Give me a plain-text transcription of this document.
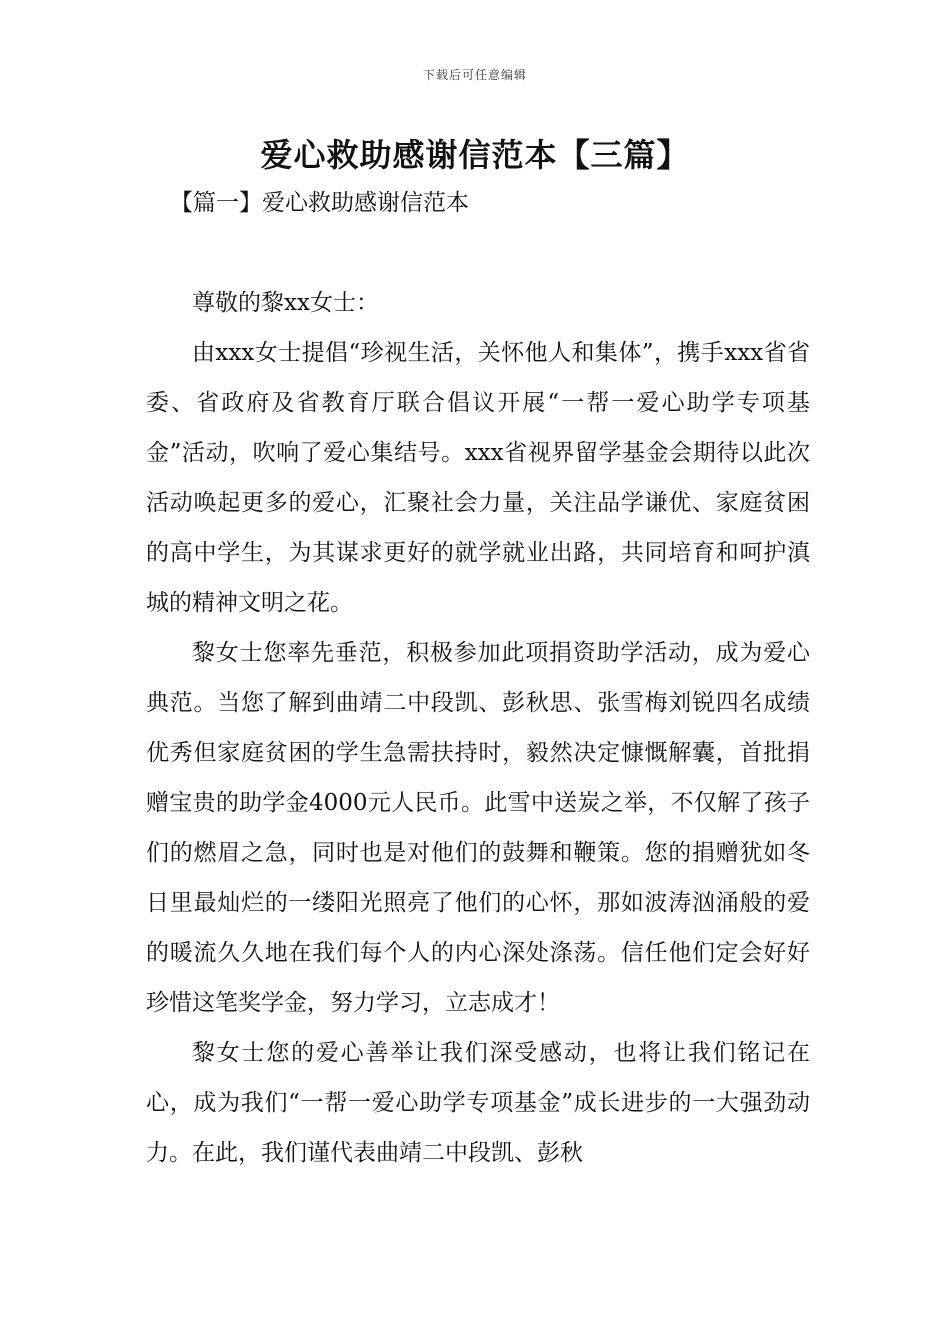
下载后可任意编辑
爱心救助感谢信范本【三篇】
【篇一】爱心救助感谢信范本

尊敬的黎xx女士：

由xxx女士提倡“珍视生活，关怀他人和集体”，携手xxx省省委、省政府及省教育厅联合倡议开展“一帮一爱心助学专项基金”活动，吹响了爱心集结号。xxx省视界留学基金会期待以此次活动唤起更多的爱心，汇聚社会力量，关注品学谦优、家庭贫困的高中学生，为其谋求更好的就学就业出路，共同培育和呵护滇城的精神文明之花。

黎女士您率先垂范，积极参加此项捐资助学活动，成为爱心典范。当您了解到曲靖二中段凯、彭秋思、张雪梅刘锐四名成绩优秀但家庭贫困的学生急需扶持时，毅然决定慷慨解囊，首批捐赠宝贵的助学金4000元人民币。此雪中送炭之举，不仅解了孩子们的燃眉之急，同时也是对他们的鼓舞和鞭策。您的捐赠犹如冬日里最灿烂的一缕阳光照亮了他们的心怀，那如波涛汹涌般的爱的暖流久久地在我们每个人的内心深处涤荡。信任他们定会好好珍惜这笔奖学金，努力学习，立志成才！

黎女士您的爱心善举让我们深受感动，也将让我们铭记在心，成为我们“一帮一爱心助学专项基金”成长进步的一大强劲动力。在此，我们谨代表曲靖二中段凯、彭秋
